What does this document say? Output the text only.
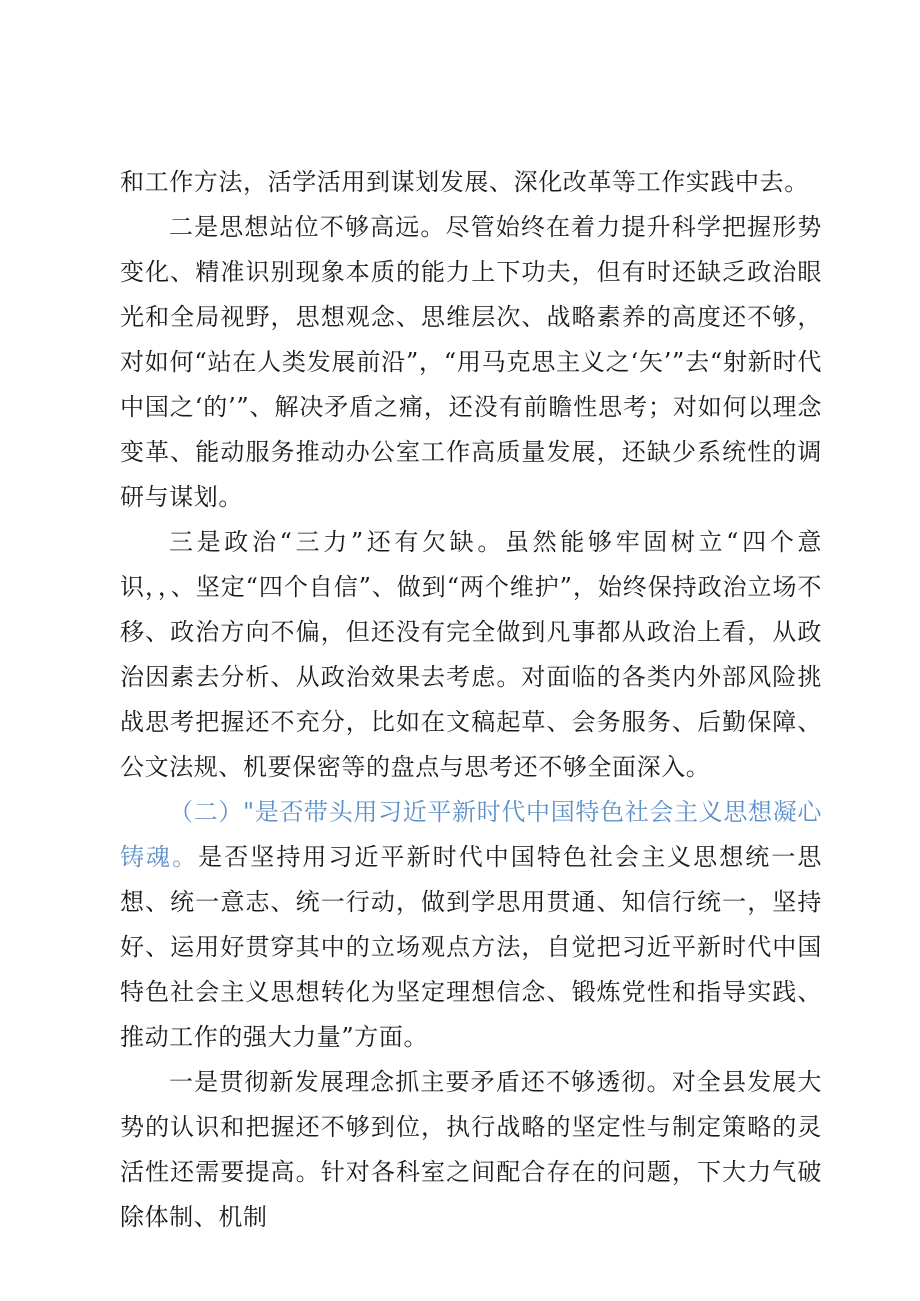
和工作方法，活学活用到谋划发展、深化改革等工作实践中去。

二是思想站位不够高远。尽管始终在着力提升科学把握形势变化、精准识别现象本质的能力上下功夫，但有时还缺乏政治眼光和全局视野，思想观念、思维层次、战略素养的高度还不够，对如何“站在人类发展前沿”，“用马克思主义之‘矢’”去“射新时代中国之‘的’”、解决矛盾之痛，还没有前瞻性思考；对如何以理念变革、能动服务推动办公室工作高质量发展，还缺少系统性的调研与谋划。

三是政治“三力”还有欠缺。虽然能够牢固树立“四个意识，，、坚定“四个自信”、做到“两个维护”，始终保持政治立场不移、政治方向不偏，但还没有完全做到凡事都从政治上看，从政治因素去分析、从政治效果去考虑。对面临的各类内外部风险挑战思考把握还不充分，比如在文稿起草、会务服务、后勤保障、公文法规、机要保密等的盘点与思考还不够全面深入。

（二）"是否带头用习近平新时代中国特色社会主义思想凝心铸魂。是否坚持用习近平新时代中国特色社会主义思想统一思想、统一意志、统一行动，做到学思用贯通、知信行统一，坚持好、运用好贯穿其中的立场观点方法，自觉把习近平新时代中国特色社会主义思想转化为坚定理想信念、锻炼党性和指导实践、推动工作的强大力量”方面。

一是贯彻新发展理念抓主要矛盾还不够透彻。对全县发展大势的认识和把握还不够到位，执行战略的坚定性与制定策略的灵活性还需要提高。针对各科室之间配合存在的问题，下大力气破除体制、机制
